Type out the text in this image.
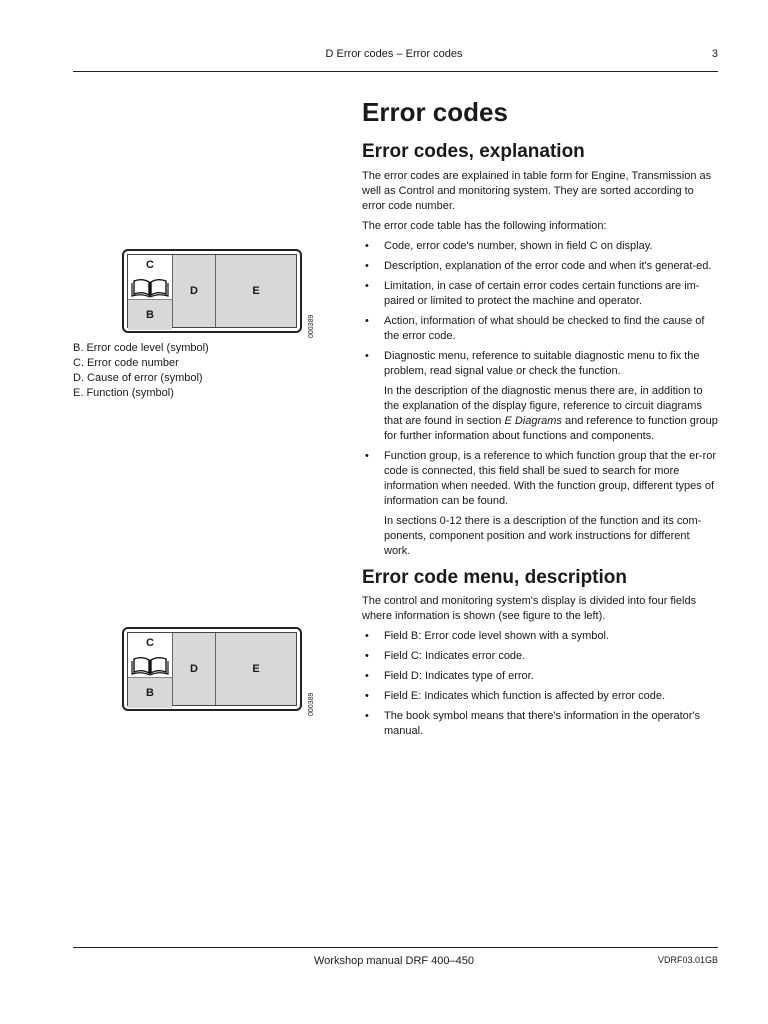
D Error codes – Error codes	3
C
B
D	E
000389
B. Error code level (symbol)
C. Error code number
D. Cause of error (symbol)
E. Function (symbol)
C
B
D	E
000389
Error codes
Error codes, explanation

The error codes are explained in table form for Engine, Transmission as well as Control and monitoring system. They are sorted according to error code number.

The error code table has the following information:

• Code, error code's number, shown in field C on display.
• Description, explanation of the error code and when it's generat-ed.
• Limitation, in case of certain error codes certain functions are im-paired or limited to protect the machine and operator.
• Action, information of what should be checked to find the cause of the error code.
• Diagnostic menu, reference to suitable diagnostic menu to fix the problem, read signal value or check the function.

In the description of the diagnostic menus there are, in addition to the explanation of the display figure, reference to circuit diagrams that are found in section E Diagrams and reference to function group for further information about functions and components.

• Function group, is a reference to which function group that the er-ror code is connected, this field shall be sued to search for more information when needed. With the function group, different types of information can be found.

In sections 0-12 there is a description of the function and its com-ponents, component position and work instructions for different work.

Error code menu, description

The control and monitoring system's display is divided into four fields where information is shown (see figure to the left).

• Field B: Error code level shown with a symbol.
• Field C: Indicates error code.
• Field D: Indicates type of error.
• Field E: Indicates which function is affected by error code.
• The book symbol means that there's information in the operator's manual.
Workshop manual DRF 400–450	VDRF03.01GB
